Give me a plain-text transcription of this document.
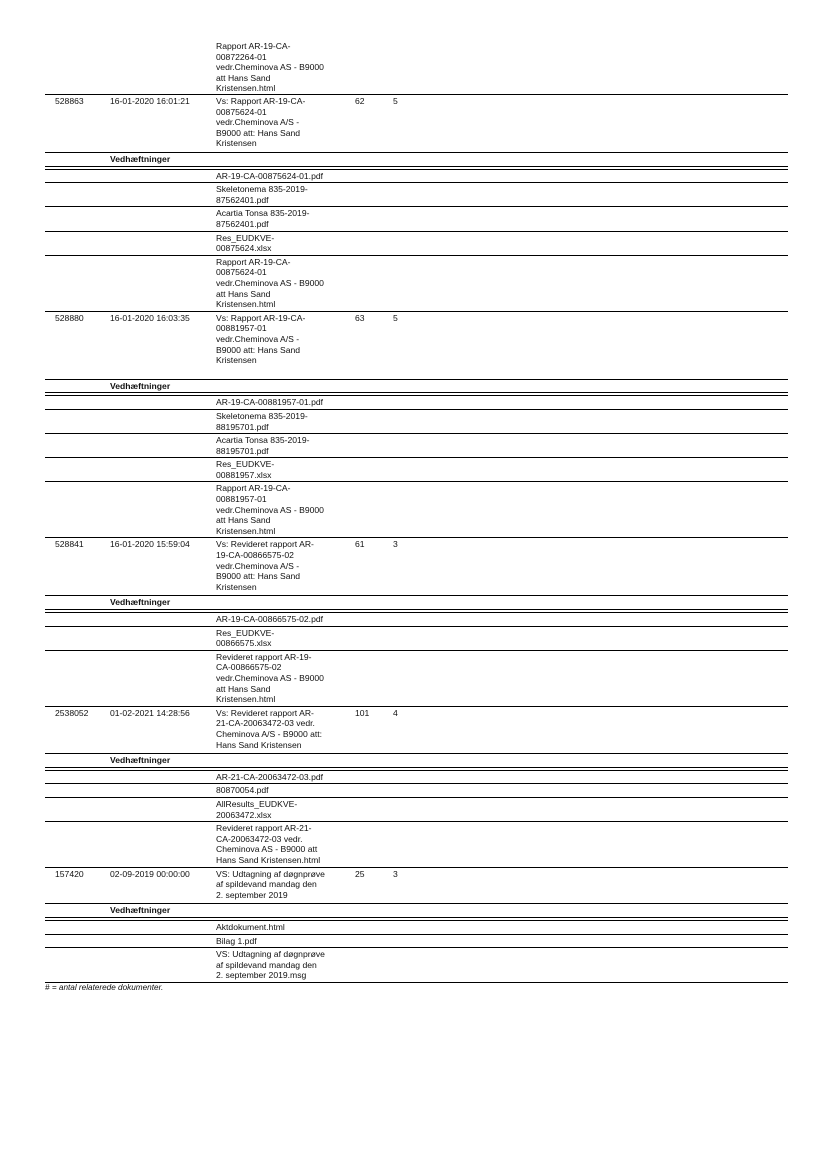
Rapport AR-19-CA-
00872264-01
vedr.Cheminova AS - B9000
att Hans Sand
Kristensen.html
528863	16-01-2020 16:01:21	Vs: Rapport AR-19-CA-
00875624-01
vedr.Cheminova A/S -
B9000 att: Hans Sand
Kristensen
62	5
Vedhæftninger
AR-19-CA-00875624-01.pdf
Skeletonema 835-2019-
87562401.pdf
Acartia Tonsa 835-2019-
87562401.pdf
Res_EUDKVE-
00875624.xlsx
Rapport AR-19-CA-
00875624-01
vedr.Cheminova AS - B9000
att Hans Sand
Kristensen.html
528880	16-01-2020 16:03:35	Vs: Rapport AR-19-CA-
00881957-01
vedr.Cheminova A/S -
B9000 att: Hans Sand
Kristensen
63	5
Vedhæftninger
AR-19-CA-00881957-01.pdf
Skeletonema 835-2019-
88195701.pdf
Acartia Tonsa 835-2019-
88195701.pdf
Res_EUDKVE-
00881957.xlsx
Rapport AR-19-CA-
00881957-01
vedr.Cheminova AS - B9000
att Hans Sand
Kristensen.html
528841	16-01-2020 15:59:04	Vs: Revideret rapport AR-
19-CA-00866575-02
vedr.Cheminova A/S -
B9000 att: Hans Sand
Kristensen
61	3
Vedhæftninger
AR-19-CA-00866575-02.pdf
Res_EUDKVE-
00866575.xlsx
Revideret rapport AR-19-
CA-00866575-02
vedr.Cheminova AS - B9000
att Hans Sand
Kristensen.html
2538052	01-02-2021 14:28:56	Vs: Revideret rapport AR-
21-CA-20063472-03 vedr.
Cheminova A/S - B9000 att:
Hans Sand Kristensen
101	4
Vedhæftninger
AR-21-CA-20063472-03.pdf
80870054.pdf
AllResults_EUDKVE-
20063472.xlsx
Revideret rapport AR-21-
CA-20063472-03 vedr.
Cheminova AS - B9000 att
Hans Sand Kristensen.html
157420	02-09-2019 00:00:00	VS: Udtagning af døgnprøve
af spildevand mandag den
2. september 2019
25	3
Vedhæftninger
Aktdokument.html
Bilag 1.pdf
VS: Udtagning af døgnprøve
af spildevand mandag den
2. september 2019.msg
# = antal relaterede dokumenter.
